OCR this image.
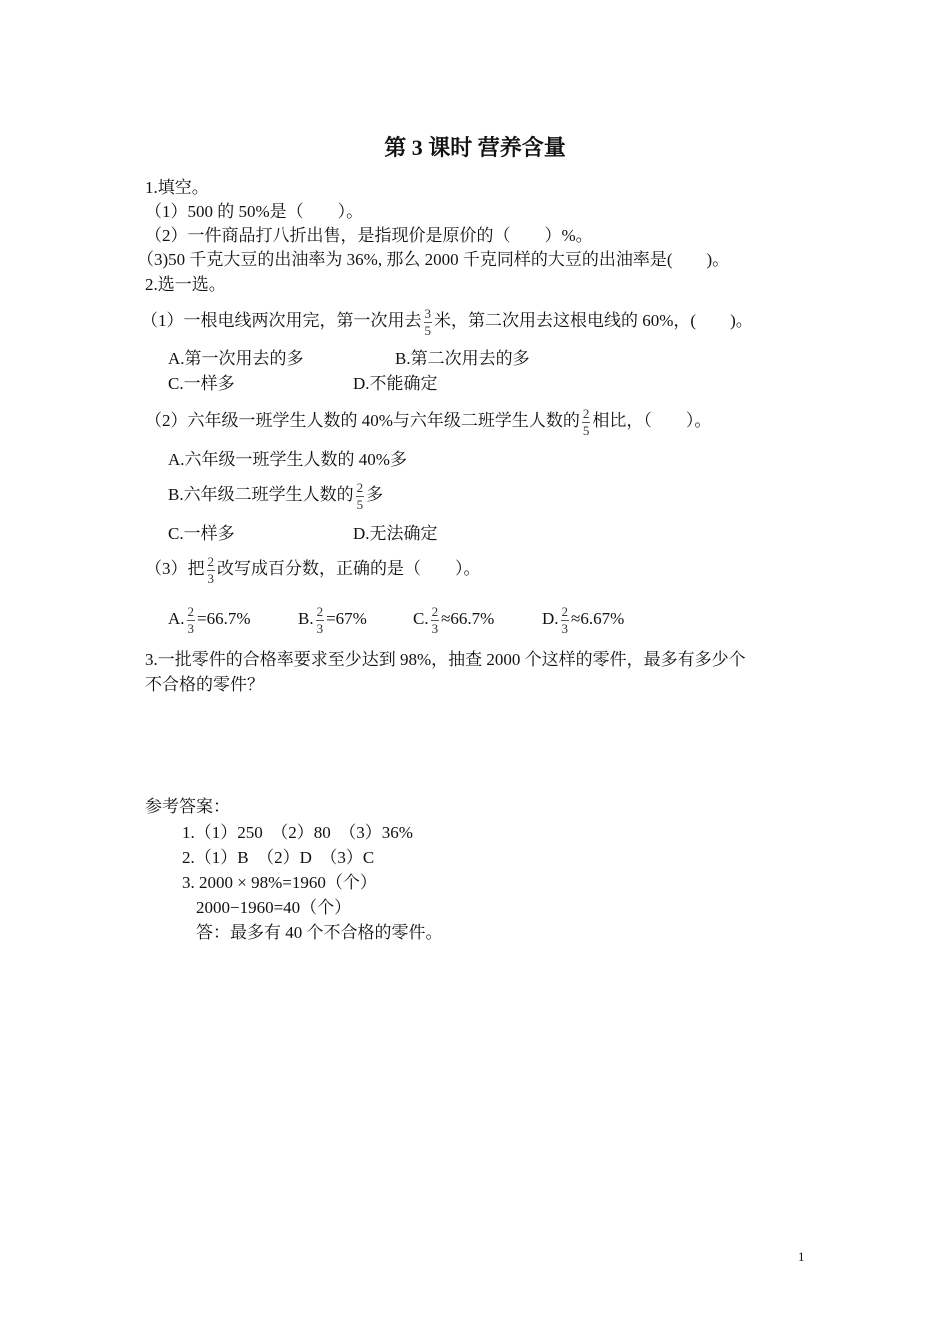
第 3 课时 营养含量
1.填空。
（1）500 的 50%是（　　）。
（2）一件商品打八折出售，是指现价是原价的（　　）%。
（3)50 千克大豆的出油率为 36%, 那么 2000 千克同样的大豆的出油率是(　　)。
2.选一选。
（1）一根电线两次用完，第一次用去 $\frac{3}{5}$ 米，第二次用去这根电线的 60%，(　　)。
A.第一次用去的多	B.第二次用去的多
C.一样多	D.不能确定
（2）六年级一班学生人数的 40%与六年级二班学生人数的 $\frac{2}{5}$ 相比，（　　）。
A.六年级一班学生人数的 40%多
B.六年级二班学生人数的 $\frac{2}{5}$ 多
C.一样多	D.无法确定
（3）把 $\frac{2}{3}$ 改写成百分数，正确的是（　　）。
A. $\frac{2}{3} =66.7\%$	B. $\frac{2}{3} =67\%$	C. $\frac{2}{3} \approx 66.7\%$	D. $\frac{2}{3} \approx 6.67\%$
3.一批零件的合格率要求至少达到 98%，抽查 2000 个这样的零件，最多有多少个
不合格的零件？
参考答案：
1.（1）250　（2）80　（3）36%
2.（1）B　（2）D　（3）C
3. 2000 × 98%=1960（个）
2000−1960=40（个）
答：最多有 40 个不合格的零件。
1
